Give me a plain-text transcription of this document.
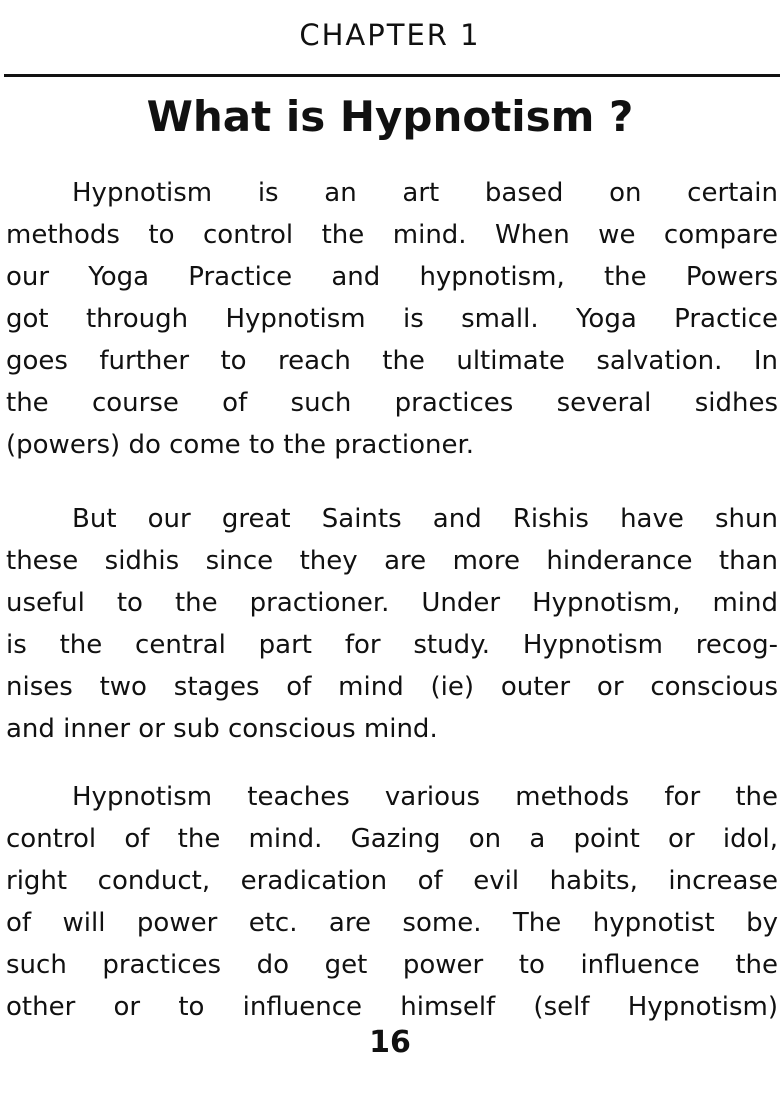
CHAPTER 1
What is Hypnotism ?
Hypnotism is an art based on certain
methods to control the mind. When we compare
our Yoga Practice and hypnotism, the Powers
got through Hypnotism is small. Yoga Practice
goes further to reach the ultimate salvation. In
the course of such practices several sidhes
(powers) do come to the practioner.
But our great Saints and Rishis have shun
these sidhis since they are more hinderance than
useful to the practioner. Under Hypnotism, mind
is the central part for study. Hypnotism recog-
nises two stages of mind (ie) outer or conscious
and inner or sub conscious mind.
Hypnotism teaches various methods for the
control of the mind. Gazing on a point or idol,
right conduct, eradication of evil habits, increase
of will power etc. are some. The hypnotist by
such practices do get power to influence the
other or to influence himself (self Hypnotism)
16
